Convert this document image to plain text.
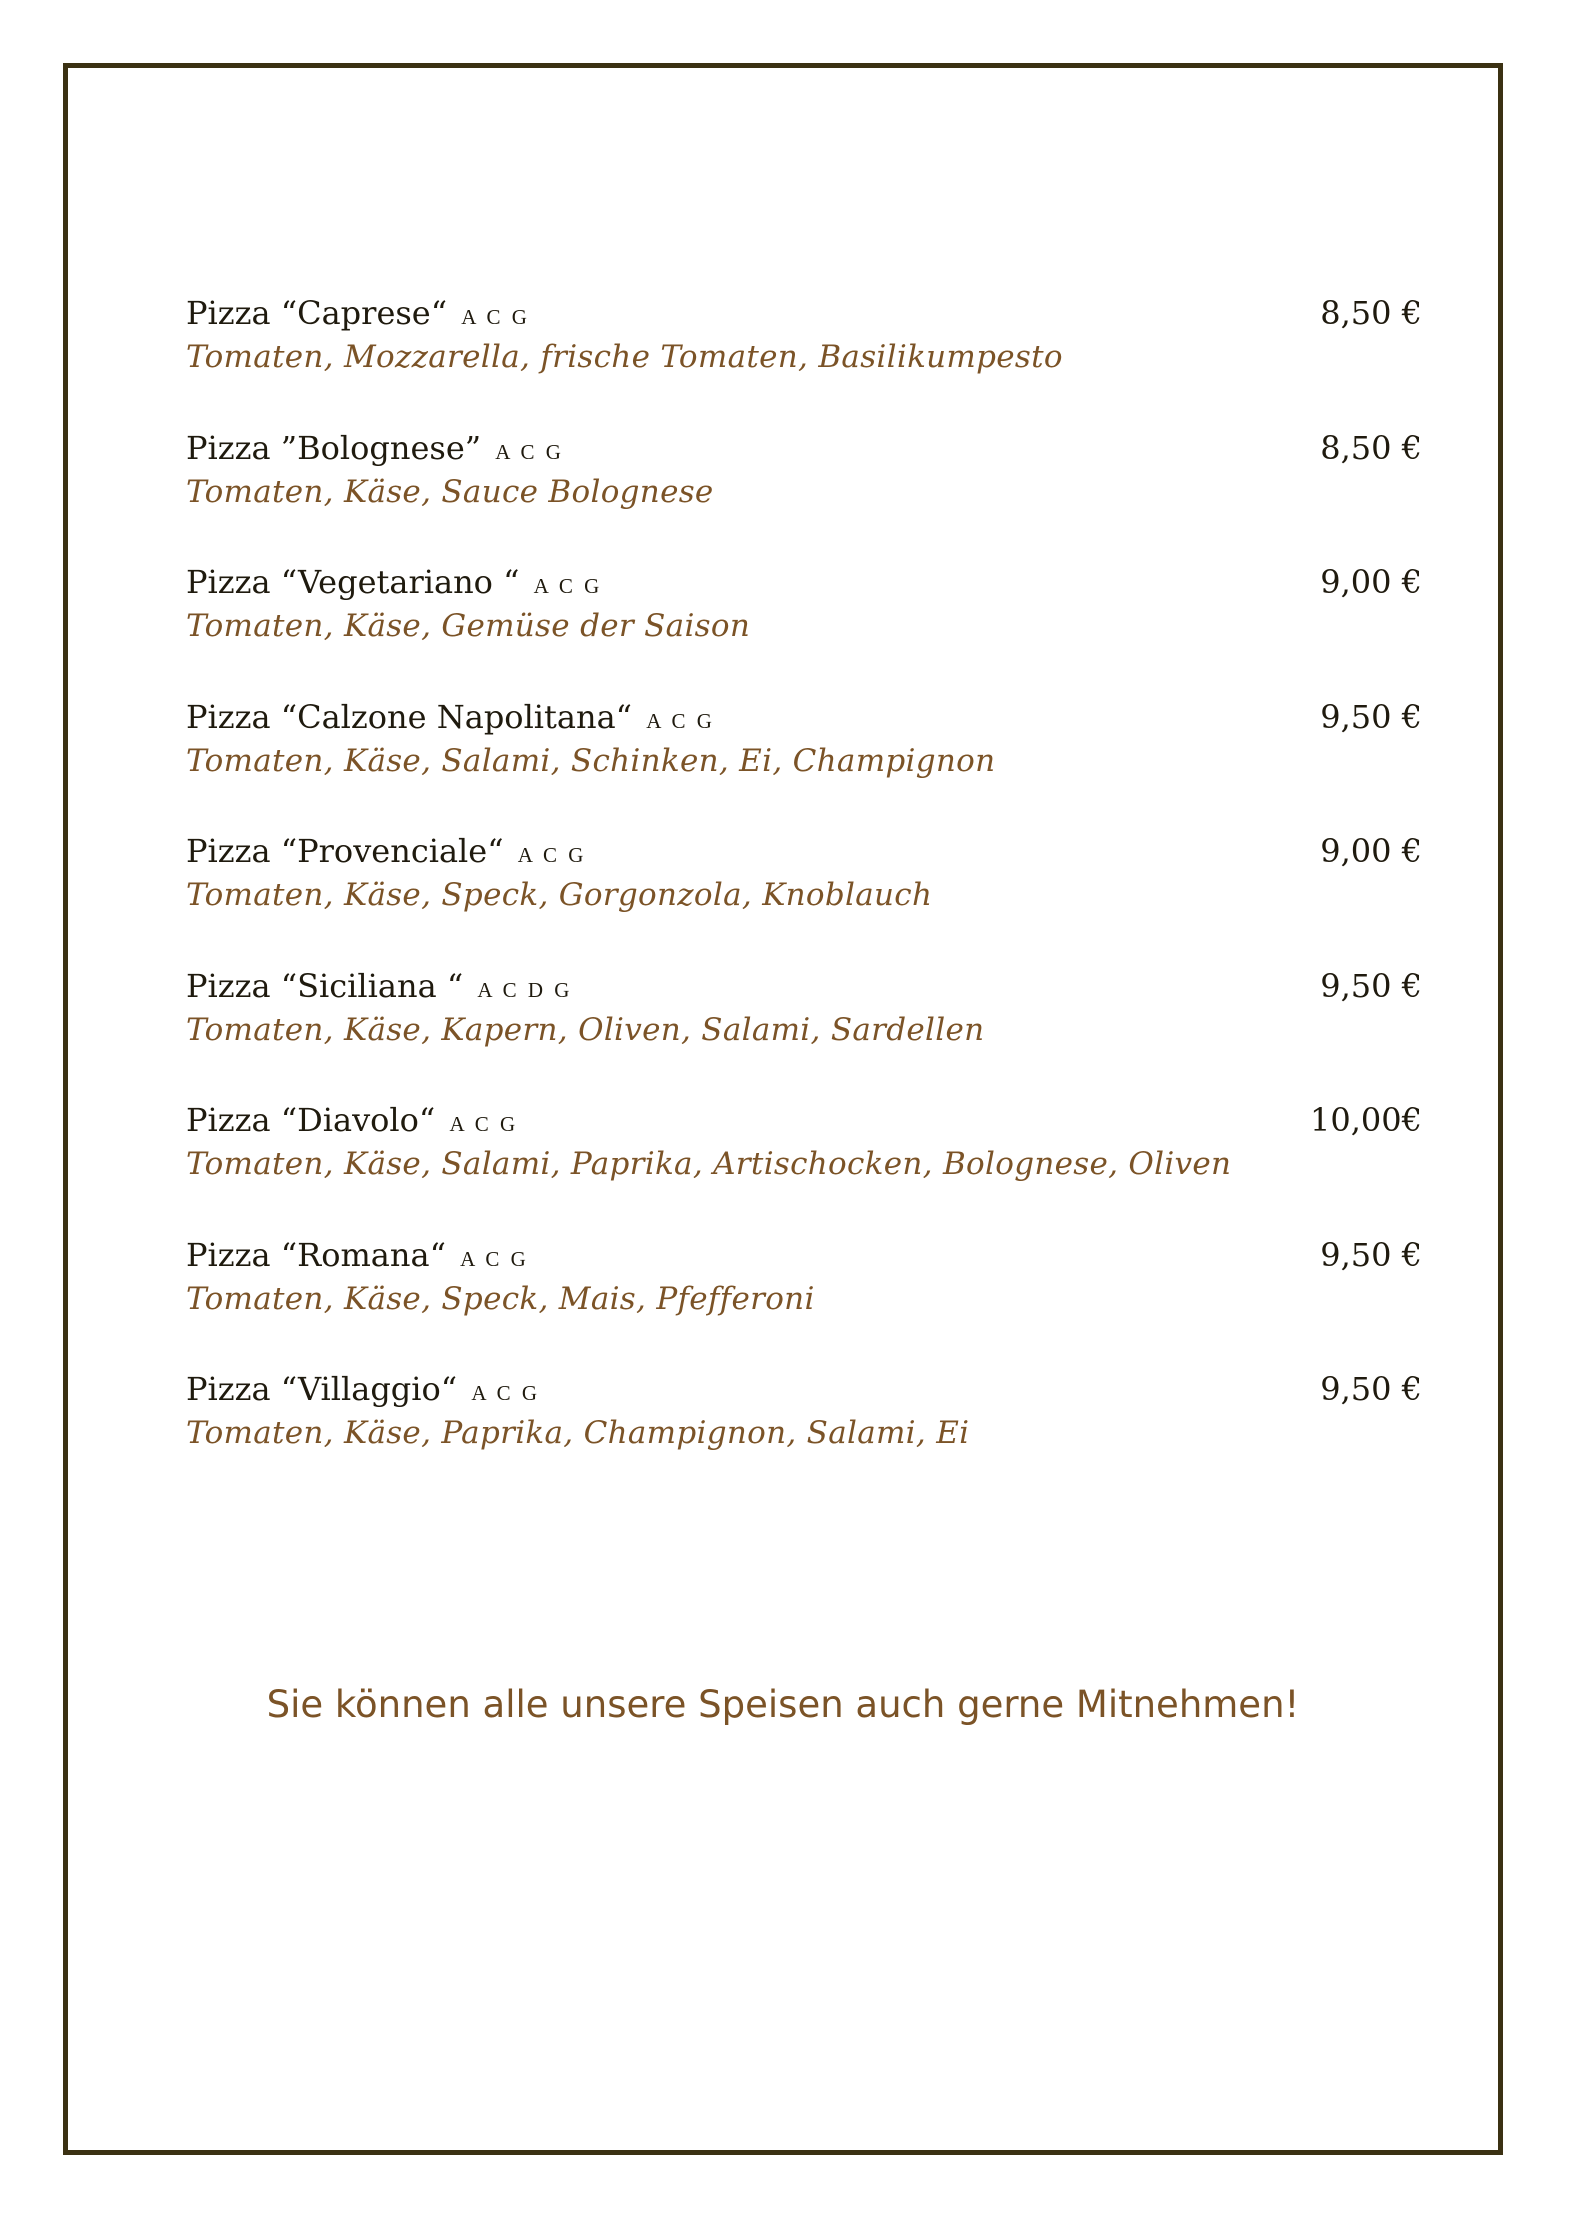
Pizza “Caprese“ A C G	8,50 €
Tomaten, Mozzarella, frische Tomaten, Basilikumpesto
Pizza ”Bolognese” A C G	8,50 €
Tomaten, Käse, Sauce Bolognese
Pizza “Vegetariano “ A C G	9,00 €
Tomaten, Käse, Gemüse der Saison
Pizza “Calzone Napolitana“ A C G	9,50 €
Tomaten, Käse, Salami, Schinken, Ei, Champignon
Pizza “Provenciale“ A C G	9,00 €
Tomaten, Käse, Speck, Gorgonzola, Knoblauch
Pizza “Siciliana “ A C D G	9,50 €
Tomaten, Käse, Kapern, Oliven, Salami, Sardellen
Pizza “Diavolo“ A C G	10,00€
Tomaten, Käse, Salami, Paprika, Artischocken, Bolognese, Oliven
Pizza “Romana“ A C G	9,50 €
Tomaten, Käse, Speck, Mais, Pfefferoni
Pizza “Villaggio“ A C G	9,50 €
Tomaten, Käse, Paprika, Champignon, Salami, Ei
Sie können alle unsere Speisen auch gerne Mitnehmen!
